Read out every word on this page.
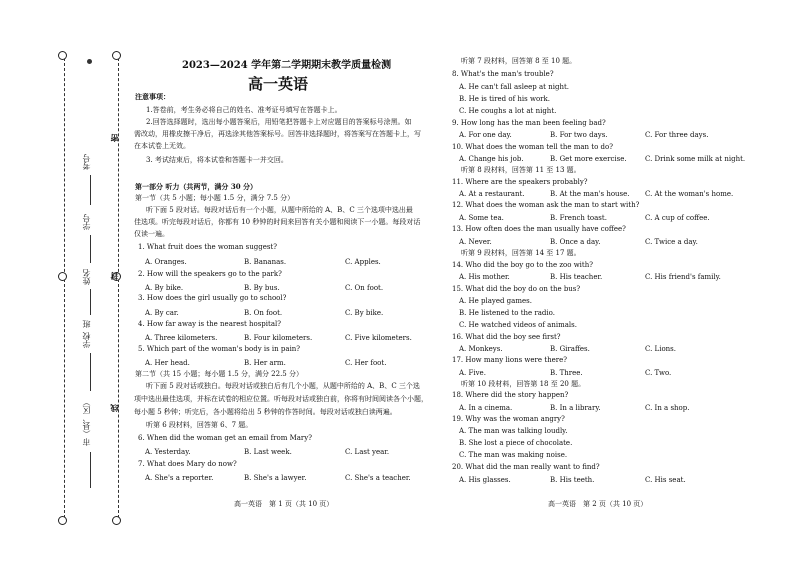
密
封
线
考号
学号
姓名
班
学校
市（县、区）
2023—2024 学年第二学期期末教学质量检测
高一英语
注意事项：
1.答卷前，考生务必将自己的姓名、准考证号填写在答题卡上。
2.回答选择题时，选出每小题答案后，用铅笔把答题卡上对应题目的答案标号涂黑。如
需改动，用橡皮擦干净后，再选涂其他答案标号。回答非选择题时，将答案写在答题卡上，写
在本试卷上无效。
3. 考试结束后，将本试卷和答题卡一并交回。
第一部分 听力（共两节，满分 30 分）
第一节（共 5 小题；每小题 1.5 分，满分 7.5 分）
听下面 5 段对话。每段对话后有一个小题，从题中所给的 A、B、C 三个选项中选出最
佳选项。听完每段对话后，你都有 10 秒钟的时间来回答有关小题和阅读下一小题。每段对话
仅读一遍。
1. What fruit does the woman suggest?
A. Oranges.	B. Bananas.	C. Apples.
2. How will the speakers go to the park?
A. By bike.	B. By bus.	C. On foot.
3. How does the girl usually go to school?
A. By car.	B. On foot.	C. By bike.
4. How far away is the nearest hospital?
A. Three kilometers.	B. Four kilometers.	C. Five kilometers.
5. Which part of the woman's body is in pain?
A. Her head.	B. Her arm.	C. Her foot.
第二节（共 15 小题；每小题 1.5 分，满分 22.5 分）
听下面 5 段对话或独白。每段对话或独白后有几个小题，从题中所给的 A、B、C 三个选
项中选出最佳选项，并标在试卷的相应位置。听每段对话或独白前，你将有时间阅读各个小题，
每小题 5 秒钟；听完后，各小题将给出 5 秒钟的作答时间。每段对话或独白读两遍。
听第 6 段材料，回答第 6、7 题。
6. When did the woman get an email from Mary?
A. Yesterday.	B. Last week.	C. Last year.
7. What does Mary do now?
A. She's a reporter.	B. She's a lawyer.	C. She's a teacher.
高一英语　第 1 页（共 10 页）
听第 7 段材料，回答第 8 至 10 题。
8. What's the man's trouble?
A. He can't fall asleep at night.
B. He is tired of his work.
C. He coughs a lot at night.
9. How long has the man been feeling bad?
A. For one day.	B. For two days.	C. For three days.
10. What does the woman tell the man to do?
A. Change his job.	B. Get more exercise.	C. Drink some milk at night.
听第 8 段材料，回答第 11 至 13 题。
11. Where are the speakers probably?
A. At a restaurant.	B. At the man's house. C. At the woman's home.
12. What does the woman ask the man to start with?
A. Some tea.	B. French toast.	C. A cup of coffee.
13. How often does the man usually have coffee?
A. Never.	B. Once a day.	C. Twice a day.
听第 9 段材料，回答第 14 至 17 题。
14. Who did the boy go to the zoo with?
A. His mother.	B. His teacher.	C. His friend's family.
15. What did the boy do on the bus?
A. He played games.
B. He listened to the radio.
C. He watched videos of animals.
16. What did the boy see first?
A. Monkeys.	B. Giraffes.	C. Lions.
17. How many lions were there?
A. Five.	B. Three.	C. Two.
听第 10 段材料，回答第 18 至 20 题。
18. Where did the story happen?
A. In a cinema.	B. In a library.	C. In a shop.
19. Why was the woman angry?
A. The man was talking loudly.
B. She lost a piece of chocolate.
C. The man was making noise.
20. What did the man really want to find?
A. His glasses.	B. His teeth.	C. His seat.
高一英语　第 2 页（共 10 页）
